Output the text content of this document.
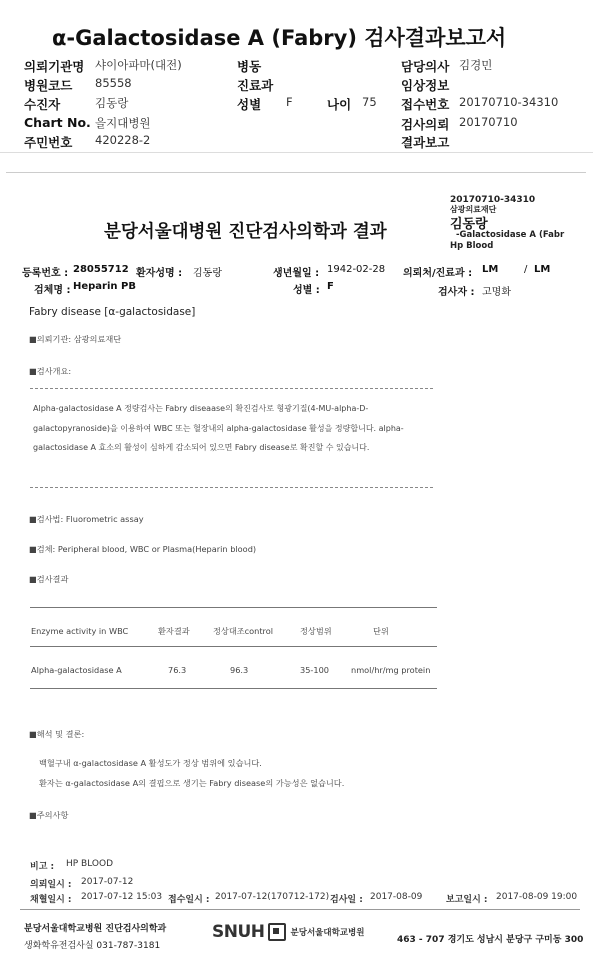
α-Galactosidase A (Fabry) 검사결과보고서
의뢰기관명 샤이아파마(대전)	병동	담당의사 김경민
병원코드 85558	진료과	임상정보
수진자	김동랑	성별 F	나이 75 접수번호 20170710-34310
Chart No. 을지대병원	검사의뢰 20170710
주민번호 420228-2	결과보고
20170710-34310
삼광의료재단
김동랑
-Galactosidase A (Fabr
Hp Blood
분당서울대병원 진단검사의학과 결과
등록번호 : 28055712 환자성명 : 김동랑	생년월일 : 1942-02-28 의뢰처/진료과 : LM	/ LM
검체명 : Heparin PB	성별 : F
검사자 : 고명화
Fabry disease [α-galactosidase]
■의뢰기관: 삼광의료재단
■검사개요:
Alpha-galactosidase A 정량검사는 Fabry diseaase의 확진검사로 형광기질(4-MU-alpha-D-galactopyranoside)을 이용하여 WBC 또는 혈장내의 alpha-galactosidase 활성을 정량합니다. alpha-galactosidase A 효소의 활성이 심하게 감소되어 있으면 Fabry disease로 확진할 수 있습니다.
■검사법: Fluorometric assay
■검체: Peripheral blood, WBC or Plasma(Heparin blood)
■검사결과
Enzyme activity in WBC	환자결과	정상대조control	정상범위	단위
Alpha-galactosidase A	76.3	96.3	35-100	nmol/hr/mg protein
■해석 및 결론:
백혈구내 α-galactosidase A 활성도가 정상 범위에 있습니다.
환자는 α-galactosidase A의 결핍으로 생기는 Fabry disease의 가능성은 없습니다.
■주의사항
비고 : HP BLOOD
의뢰일시 : 2017-07-12
채혈일시 : 2017-07-12 15:03 접수일시 : 2017-07-12(170712-172) 검사일 : 2017-08-09	보고일시 : 2017-08-09 19:00
분당서울대학교병원 진단검사의학과
생화학유전검사실 031-787-3181
SNUH	분당서울대학교병원
463 - 707 경기도 성남시 분당구 구미동 300
